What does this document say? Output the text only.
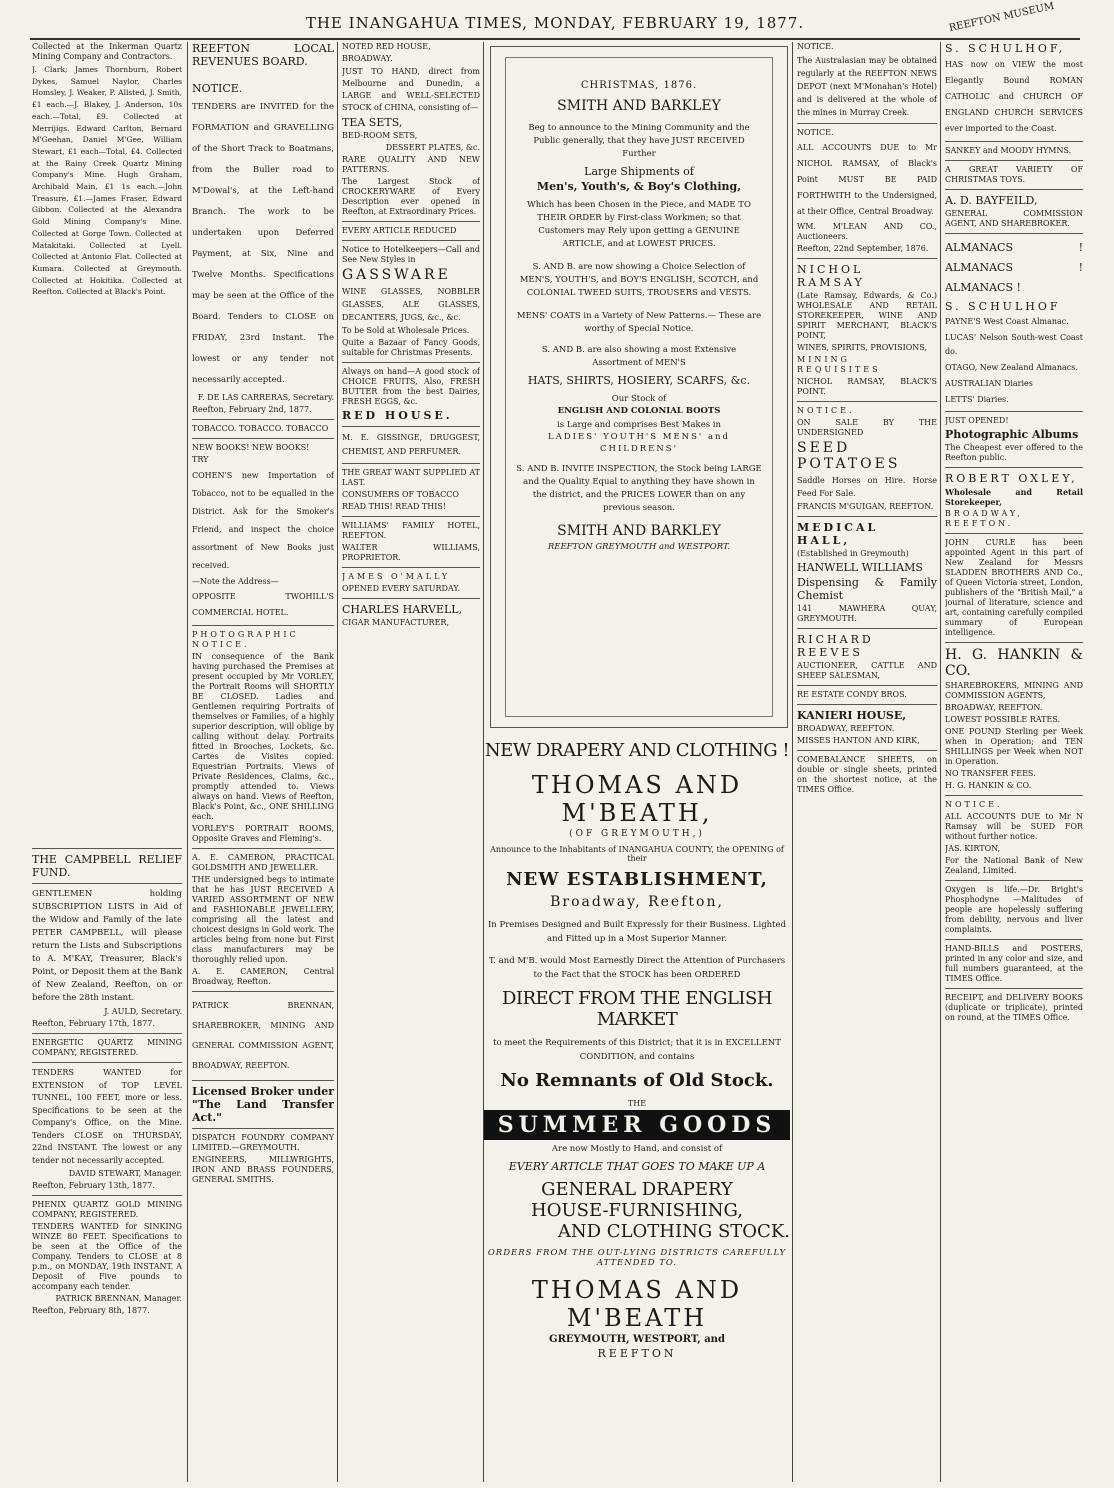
THE INANGAHUA TIMES, MONDAY, FEBRUARY 19, 1877.	REEFTON MUSEUM

Collected at the Inkerman Quartz Mining Company and Contractors.

J. Clark; James Thornburn, Robert Dykes, Samuel Naylor, Charles Homsley, J. Weaker, P. Allsted, J. Smith, £1 each.—J. Blakey, J. Anderson, 10s each.—Total, £9. Collected at Merrijigs. Edward Carlton, Bernard M'Geehan, Daniel M'Gee, William Stewart, £1 each—Total, £4. Collected at the Rainy Creek Quartz Mining Company's Mine. Hugh Graham, Archibald Main, £1 1s each.—John Treasure, £1.—James Fraser, Edward Gibbon. Collected at the Alexandra Gold Mining Company's Mine. Collected at Gorge Town. Collected at Matakitaki. Collected at Lyell. Collected at Antonio Flat. Collected at Kumara. Collected at Greymouth. Collected at Hokitika. Collected at Reefton. Collected at Black's Point.

THE CAMPBELL RELIEF FUND.

GENTLEMEN holding SUBSCRIPTION LISTS in Aid of the Widow and Family of the late PETER CAMPBELL, will please return the Lists and Subscriptions to A. M'KAY, Treasurer, Black's Point, or Deposit them at the Bank of New Zealand, Reefton, on or before the 28th instant.

J. AULD, Secretary.

Reefton, February 17th, 1877.

ENERGETIC QUARTZ MINING COMPANY, REGISTERED.

TENDERS WANTED for EXTENSION of TOP LEVEL TUNNEL, 100 FEET, more or less. Specifications to be seen at the Company's Office, on the Mine. Tenders CLOSE on THURSDAY, 22nd INSTANT. The lowest or any tender not necessarily accepted.

DAVID STEWART, Manager.

Reefton, February 13th, 1877.

PHENIX QUARTZ GOLD MINING COMPANY, REGISTERED.

TENDERS WANTED for SINKING WINZE 80 FEET. Specifications to be seen at the Office of the Company. Tenders to CLOSE at 8 p.m., on MONDAY, 19th INSTANT. A Deposit of Five pounds to accompany each tender.

PATRICK BRENNAN, Manager.

Reefton, February 8th, 1877.

REEFTON LOCAL REVENUES BOARD.

NOTICE.

TENDERS are INVITED for the FORMATION and GRAVELLING of the Short Track to Boatmans, from the Buller road to M'Dowal's, at the Left-hand Branch. The work to be undertaken upon Deferred Payment, at Six, Nine and Twelve Months. Specifications may be seen at the Office of the Board. Tenders to CLOSE on FRIDAY, 23rd Instant. The lowest or any tender not necessarily accepted.

F. DE LAS CARRERAS, Secretary.

Reefton, February 2nd, 1877.

TOBACCO. TOBACCO. TOBACCO

NEW BOOKS! NEW BOOKS!

TRY

COHEN'S new Importation of Tobacco, not to be equalled in the District. Ask for the Smoker's Friend, and inspect the choice assortment of New Books just received.

—Note the Address—

OPPOSITE TWOHILL'S COMMERCIAL HOTEL.

PHOTOGRAPHIC NOTICE.

IN consequence of the Bank having purchased the Premises at present occupied by Mr VORLEY, the Portrait Rooms will SHORTLY BE CLOSED. Ladies and Gentlemen requiring Portraits of themselves or Families, of a highly superior description, will oblige by calling without delay. Portraits fitted in Brooches, Lockets, &c. Cartes de Visites copied. Equestrian Portraits. Views of Private Residences, Claims, &c., promptly attended to. Views always on hand. Views of Reefton, Black's Point, &c., ONE SHILLING each.

VORLEY'S PORTRAIT ROOMS, Opposite Graves and Fleming's.

A. E. CAMERON, PRACTICAL GOLDSMITH AND JEWELLER.

THE undersigned begs to intimate that he has JUST RECEIVED A VARIED ASSORTMENT OF NEW and FASHIONABLE JEWELLERY, comprising all the latest and choicest designs in Gold work. The articles being from none but First class manufacturers may be thoroughly relied upon.

A. E. CAMERON, Central Broadway, Reefton.

PATRICK BRENNAN, SHAREBROKER, MINING AND GENERAL COMMISSION AGENT, BROADWAY, REEFTON.

Licensed Broker under "The Land Transfer Act."

DISPATCH FOUNDRY COMPANY LIMITED.—GREYMOUTH.

ENGINEERS, MILLWRIGHTS, IRON AND BRASS FOUNDERS, GENERAL SMITHS.

NOTED RED HOUSE,

BROADWAY.

JUST TO HAND, direct from Melbourne and Dunedin, a LARGE and WELL-SELECTED STOCK of CHINA, consisting of—

TEA SETS,

BED-ROOM SETS,

DESSERT PLATES, &c.

RARE QUALITY AND NEW PATTERNS.

The Largest Stock of CROCKERYWARE of Every Description ever opened in Reefton, at Extraordinary Prices.

EVERY ARTICLE REDUCED

Notice to Hotelkeepers—Call and See New Styles in

GASSWARE

WINE GLASSES, NOBBLER GLASSES, ALE GLASSES, DECANTERS, JUGS, &c., &c.

To be Sold at Wholesale Prices.

Quite a Bazaar of Fancy Goods, suitable for Christmas Presents.

Always on hand—A good stock of CHOICE FRUITS, Also, FRESH BUTTER from the best Dairies, FRESH EGGS, &c.

RED HOUSE.

M. E. GISSINGE, DRUGGEST, CHEMIST, AND PERFUMER.

THE GREAT WANT SUPPLIED AT LAST.

CONSUMERS OF TOBACCO

READ THIS! READ THIS!

WILLIAMS' FAMILY HOTEL, REEFTON.

WALTER WILLIAMS, PROPRIETOR.

JAMES O'MALLY

OPENED EVERY SATURDAY.

CHARLES HARVELL,

CIGAR MANUFACTURER,

CHRISTMAS, 1876.

SMITH AND BARKLEY

Beg to announce to the Mining Community and the Public generally, that they have JUST RECEIVED Further

Large Shipments of

Men's, Youth's, & Boy's Clothing,

Which has been Chosen in the Piece, and MADE TO THEIR ORDER by First-class Workmen; so that Customers may Rely upon getting a GENUINE ARTICLE, and at LOWEST PRICES.

S. AND B. are now showing a Choice Selection of MEN'S, YOUTH'S, and BOY'S ENGLISH, SCOTCH, and COLONIAL TWEED SUITS, TROUSERS and VESTS.

MENS' COATS in a Variety of New Patterns.— These are worthy of Special Notice.

S. AND B. are also showing a most Extensive Assortment of MEN'S

HATS, SHIRTS, HOSIERY, SCARFS, &c.

Our Stock of

ENGLISH AND COLONIAL BOOTS

is Large and comprises Best Makes in

LADIES' YOUTH'S MENS' and CHILDRENS'

S. AND B. INVITE INSPECTION, the Stock being LARGE and the Quality Equal to anything they have shown in the district, and the PRICES LOWER than on any previous season.

SMITH AND BARKLEY

REEFTON GREYMOUTH and WESTPORT.

NEW DRAPERY AND CLOTHING !

THOMAS AND M'BEATH,

(OF GREYMOUTH,)

Announce to the Inhabitants of INANGAHUA COUNTY, the OPENING of their

NEW ESTABLISHMENT,

Broadway, Reefton,

In Premises Designed and Built Expressly for their Business. Lighted and Fitted up in a Most Superior Manner.

T. and M'B. would Most Earnestly Direct the Attention of Purchasers to the Fact that the STOCK has been ORDERED

DIRECT FROM THE ENGLISH MARKET

to meet the Requirements of this District; that it is in EXCELLENT CONDITION, and contains

No Remnants of Old Stock.

THE

SUMMER GOODS

Are now Mostly to Hand, and consist of

EVERY ARTICLE THAT GOES TO MAKE UP A

GENERAL DRAPERY

HOUSE-FURNISHING,

AND CLOTHING STOCK.

ORDERS FROM THE OUT-LYING DISTRICTS CAREFULLY ATTENDED TO.

THOMAS AND M'BEATH

GREYMOUTH, WESTPORT, and

REEFTON

NOTICE.

The Australasian may be obtained regularly at the REEFTON NEWS DEPOT (next M'Monahan's Hotel) and is delivered at the whole of the mines in Murray Creek.

NOTICE.

ALL ACCOUNTS DUE to Mr NICHOL RAMSAY, of Black's Point MUST BE PAID FORTHWITH to the Undersigned, at their Office, Central Broadway.

WM. M'LEAN AND CO., Auctioneers.

Reefton, 22nd September, 1876.

NICHOL RAMSAY

(Late Ramsay, Edwards, & Co.) WHOLESALE AND RETAIL STOREKEEPER, WINE AND SPIRIT MERCHANT, BLACK'S POINT,

WINES, SPIRITS, PROVISIONS,

MINING REQUISITES

NICHOL RAMSAY, BLACK'S POINT.

NOTICE.

ON SALE BY THE UNDERSIGNED

SEED POTATOES

Saddle Horses on Hire. Horse Feed For Sale.

FRANCIS M'GUIGAN, REEFTON.

MEDICAL HALL,

(Established in Greymouth)

HANWELL WILLIAMS

Dispensing & Family Chemist

141 MAWHERA QUAY, GREYMOUTH.

RICHARD REEVES

AUCTIONEER, CATTLE AND SHEEP SALESMAN,

RE ESTATE CONDY BROS.

KANIERI HOUSE,

BROADWAY, REEFTON.

MISSES HANTON AND KIRK,

COMEBALANCE SHEETS, on double or single sheets, printed on the shortest notice, at the TIMES Office.

S. SCHULHOF,

HAS now on VIEW the most Elegantly Bound ROMAN CATHOLIC and CHURCH OF ENGLAND CHURCH SERVICES ever imported to the Coast.

SANKEY and MOODY HYMNS.

A GREAT VARIETY OF CHRISTMAS TOYS.

A. D. BAYFEILD,

GENERAL COMMISSION AGENT, AND SHAREBROKER.

ALMANACS ! ALMANACS ! ALMANACS !

S. SCHULHOF

PAYNE'S West Coast Almanac.

LUCAS' Nelson South-west Coast do.

OTAGO, New Zealand Almanacs.

AUSTRALIAN Diaries

LETTS' Diaries.

JUST OPENED!

Photographic Albums

The Cheapest ever offered to the Reefton public.

ROBERT OXLEY,

Wholesale and Retail Storekeeper,

BROADWAY, REEFTON.

JOHN CURLE has been appointed Agent in this part of New Zealand for Messrs SLADDEN BROTHERS AND Co., of Queen Victoria street, London, publishers of the "British Mail," a journal of literature, science and art, containing carefully compiled summary of European intelligence.

H. G. HANKIN & CO.

SHAREBROKERS, MINING AND COMMISSION AGENTS,

BROADWAY, REEFTON.

LOWEST POSSIBLE RATES.

ONE POUND Sterling per Week when in Operation; and TEN SHILLINGS per Week when NOT in Operation.

NO TRANSFER FEES.

H. G. HANKIN & CO.

NOTICE.

ALL ACCOUNTS DUE to Mr N Ramsay will be SUED FOR without further notice.

JAS. KIRTON,

For the National Bank of New Zealand, Limited.

Oxygen is life.—Dr. Bright's Phosphodyne —Malitudes of people are hopelessly suffering from debility, nervous and liver complaints.

HAND-BILLS and POSTERS, printed in any color and size, and full numbers guaranteed, at the TIMES Office.

RECEIPT, and DELIVERY BOOKS (duplicate or triplicate), printed on round, at the TIMES Office.
